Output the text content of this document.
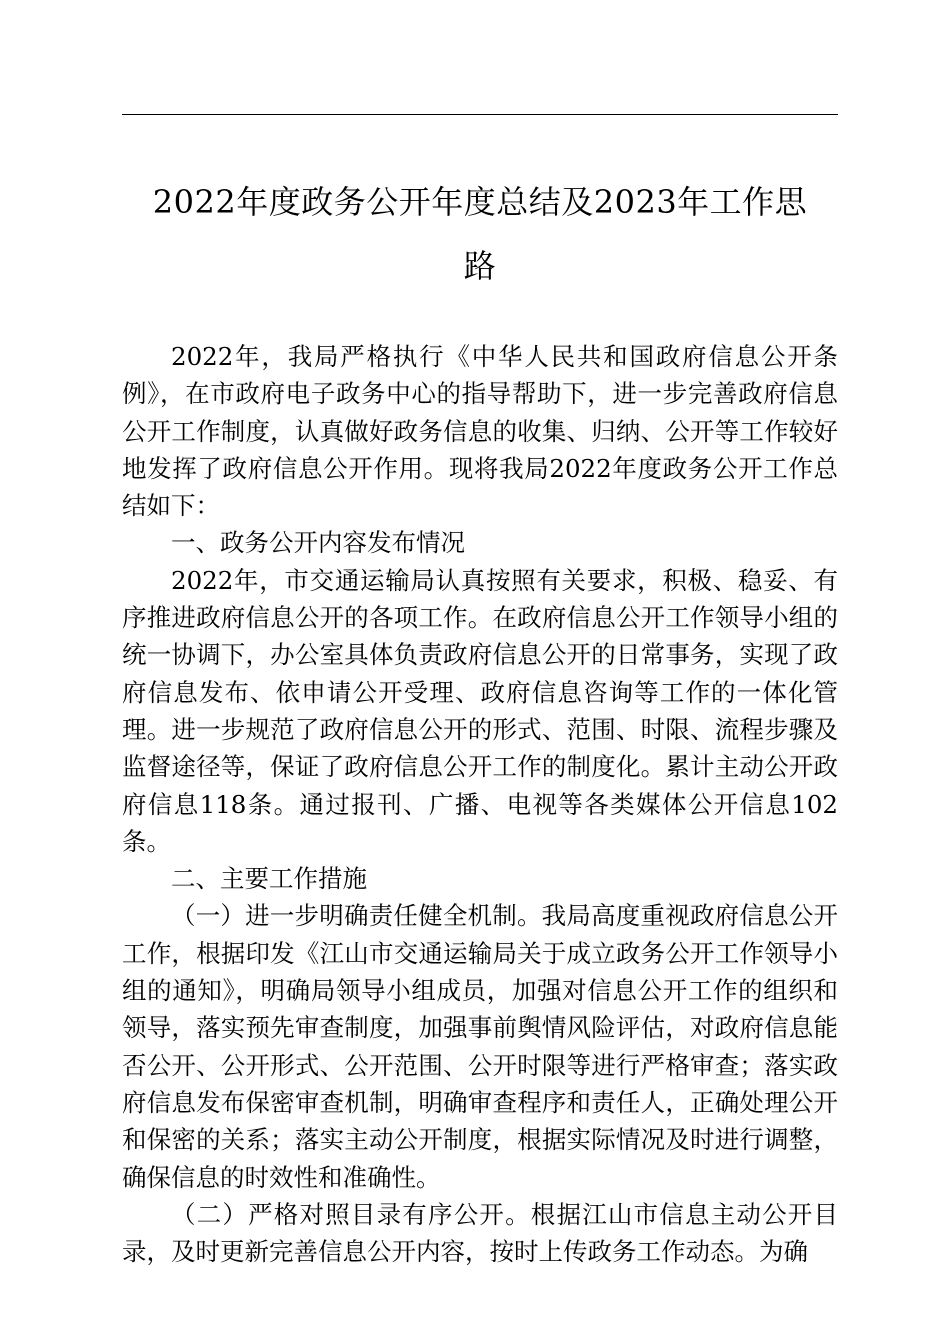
2022年度政务公开年度总结及2023年工作思
路

2022年，我局严格执行《中华人民共和国政府信息公开条例》，在市政府电子政务中心的指导帮助下，进一步完善政府信息公开工作制度，认真做好政务信息的收集、归纳、公开等工作较好地发挥了政府信息公开作用。现将我局2022年度政务公开工作总结如下：

一、政务公开内容发布情况

2022年，市交通运输局认真按照有关要求，积极、稳妥、有序推进政府信息公开的各项工作。在政府信息公开工作领导小组的统一协调下，办公室具体负责政府信息公开的日常事务，实现了政府信息发布、依申请公开受理、政府信息咨询等工作的一体化管理。进一步规范了政府信息公开的形式、范围、时限、流程步骤及监督途径等，保证了政府信息公开工作的制度化。累计主动公开政府信息118条。通过报刊、广播、电视等各类媒体公开信息102条。

二、主要工作措施

（一）进一步明确责任健全机制。我局高度重视政府信息公开工作，根据印发《江山市交通运输局关于成立政务公开工作领导小组的通知》，明确局领导小组成员，加强对信息公开工作的组织和领导，落实预先审查制度，加强事前舆情风险评估，对政府信息能否公开、公开形式、公开范围、公开时限等进行严格审查；落实政府信息发布保密审查机制，明确审查程序和责任人，正确处理公开和保密的关系；落实主动公开制度，根据实际情况及时进行调整，确保信息的时效性和准确性。

（二）严格对照目录有序公开。根据江山市信息主动公开目录，及时更新完善信息公开内容，按时上传政务工作动态。为确
